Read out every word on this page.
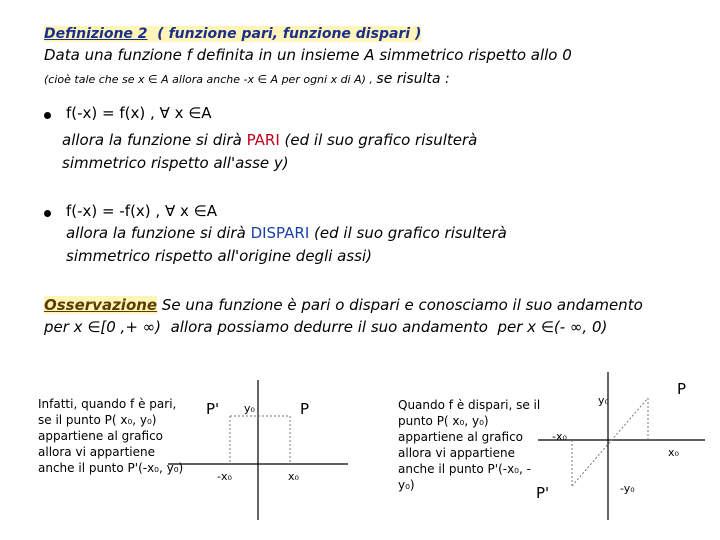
Definizione 2 ( funzione pari, funzione dispari )
Data una funzione f definita in un insieme A simmetrico rispetto allo 0
(cioè tale che se x ∈ A allora anche -x ∈ A per ogni x di A) , se risulta :
f(-x) = f(x) , ∀ x ∈A
allora la funzione si dirà PARI (ed il suo grafico risulterà
simmetrico rispetto all'asse y)
f(-x) = -f(x) , ∀ x ∈A
allora la funzione si dirà DISPARI (ed il suo grafico risulterà
simmetrico rispetto all'origine degli assi)
Osservazione Se una funzione è pari o dispari e conosciamo il suo andamento
per x ∈[0 ,+ ∞) allora possiamo dedurre il suo andamento per x ∈(- ∞, 0)
Infatti, quando f è pari, se il punto P( x₀, y₀) appartiene al grafico allora vi appartiene anche il punto P'(-x₀, y₀)
Quando f è dispari, se il punto P( x₀, y₀) appartiene al grafico allora vi appartiene anche il punto P'(-x₀, - y₀)
P'	P
y₀
-x₀	x₀
P
P'
y₀
-x₀
x₀
-y₀
